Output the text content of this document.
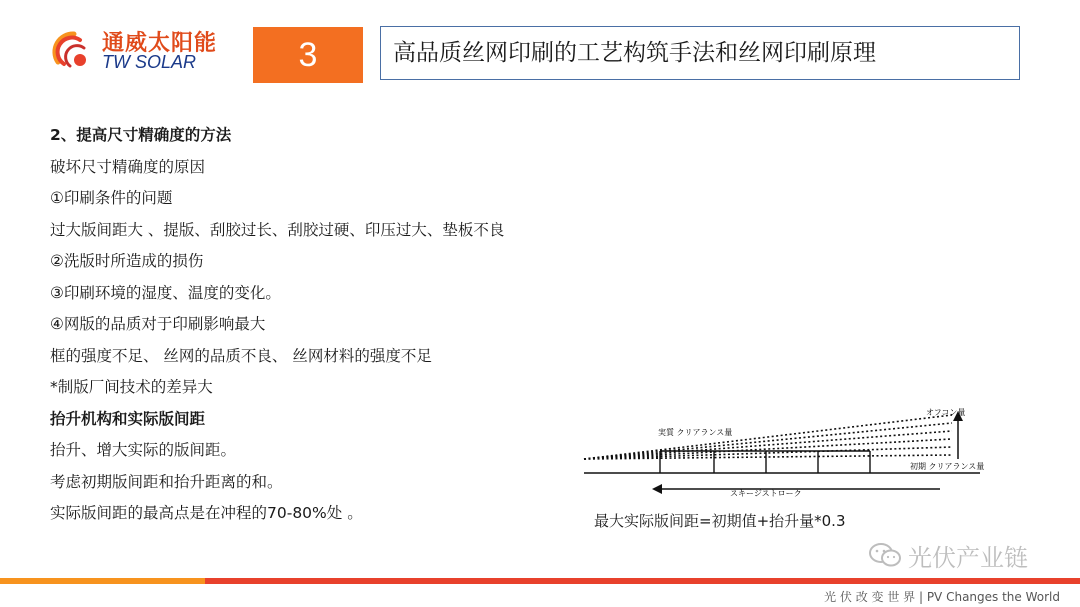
通威太阳能
TW SOLAR	3	高品质丝网印刷的工艺构筑手法和丝网印刷原理
2、提高尺寸精确度的方法
破坏尺寸精确度的原因
①印刷条件的问题
过大版间距大 、提版、刮胶过长、刮胶过硬、印压过大、垫板不良
②洗版时所造成的损伤
③印刷环境的湿度、温度的变化。
④网版的品质对于印刷影响最大
框的强度不足、 丝网的品质不良、 丝网材料的强度不足
*制版厂间技术的差异大
抬升机构和实际版间距
抬升、增大实际的版间距。
考虑初期版间距和抬升距离的和。
实际版间距的最高点是在冲程的70-80%处 。
オフコン量
実質 クリアランス量
初期 クリアランス量
スキージストローク
最大实际版间距=初期值+抬升量*0.3
光伏产业链
光 伏 改 变 世 界 | PV Changes the World
